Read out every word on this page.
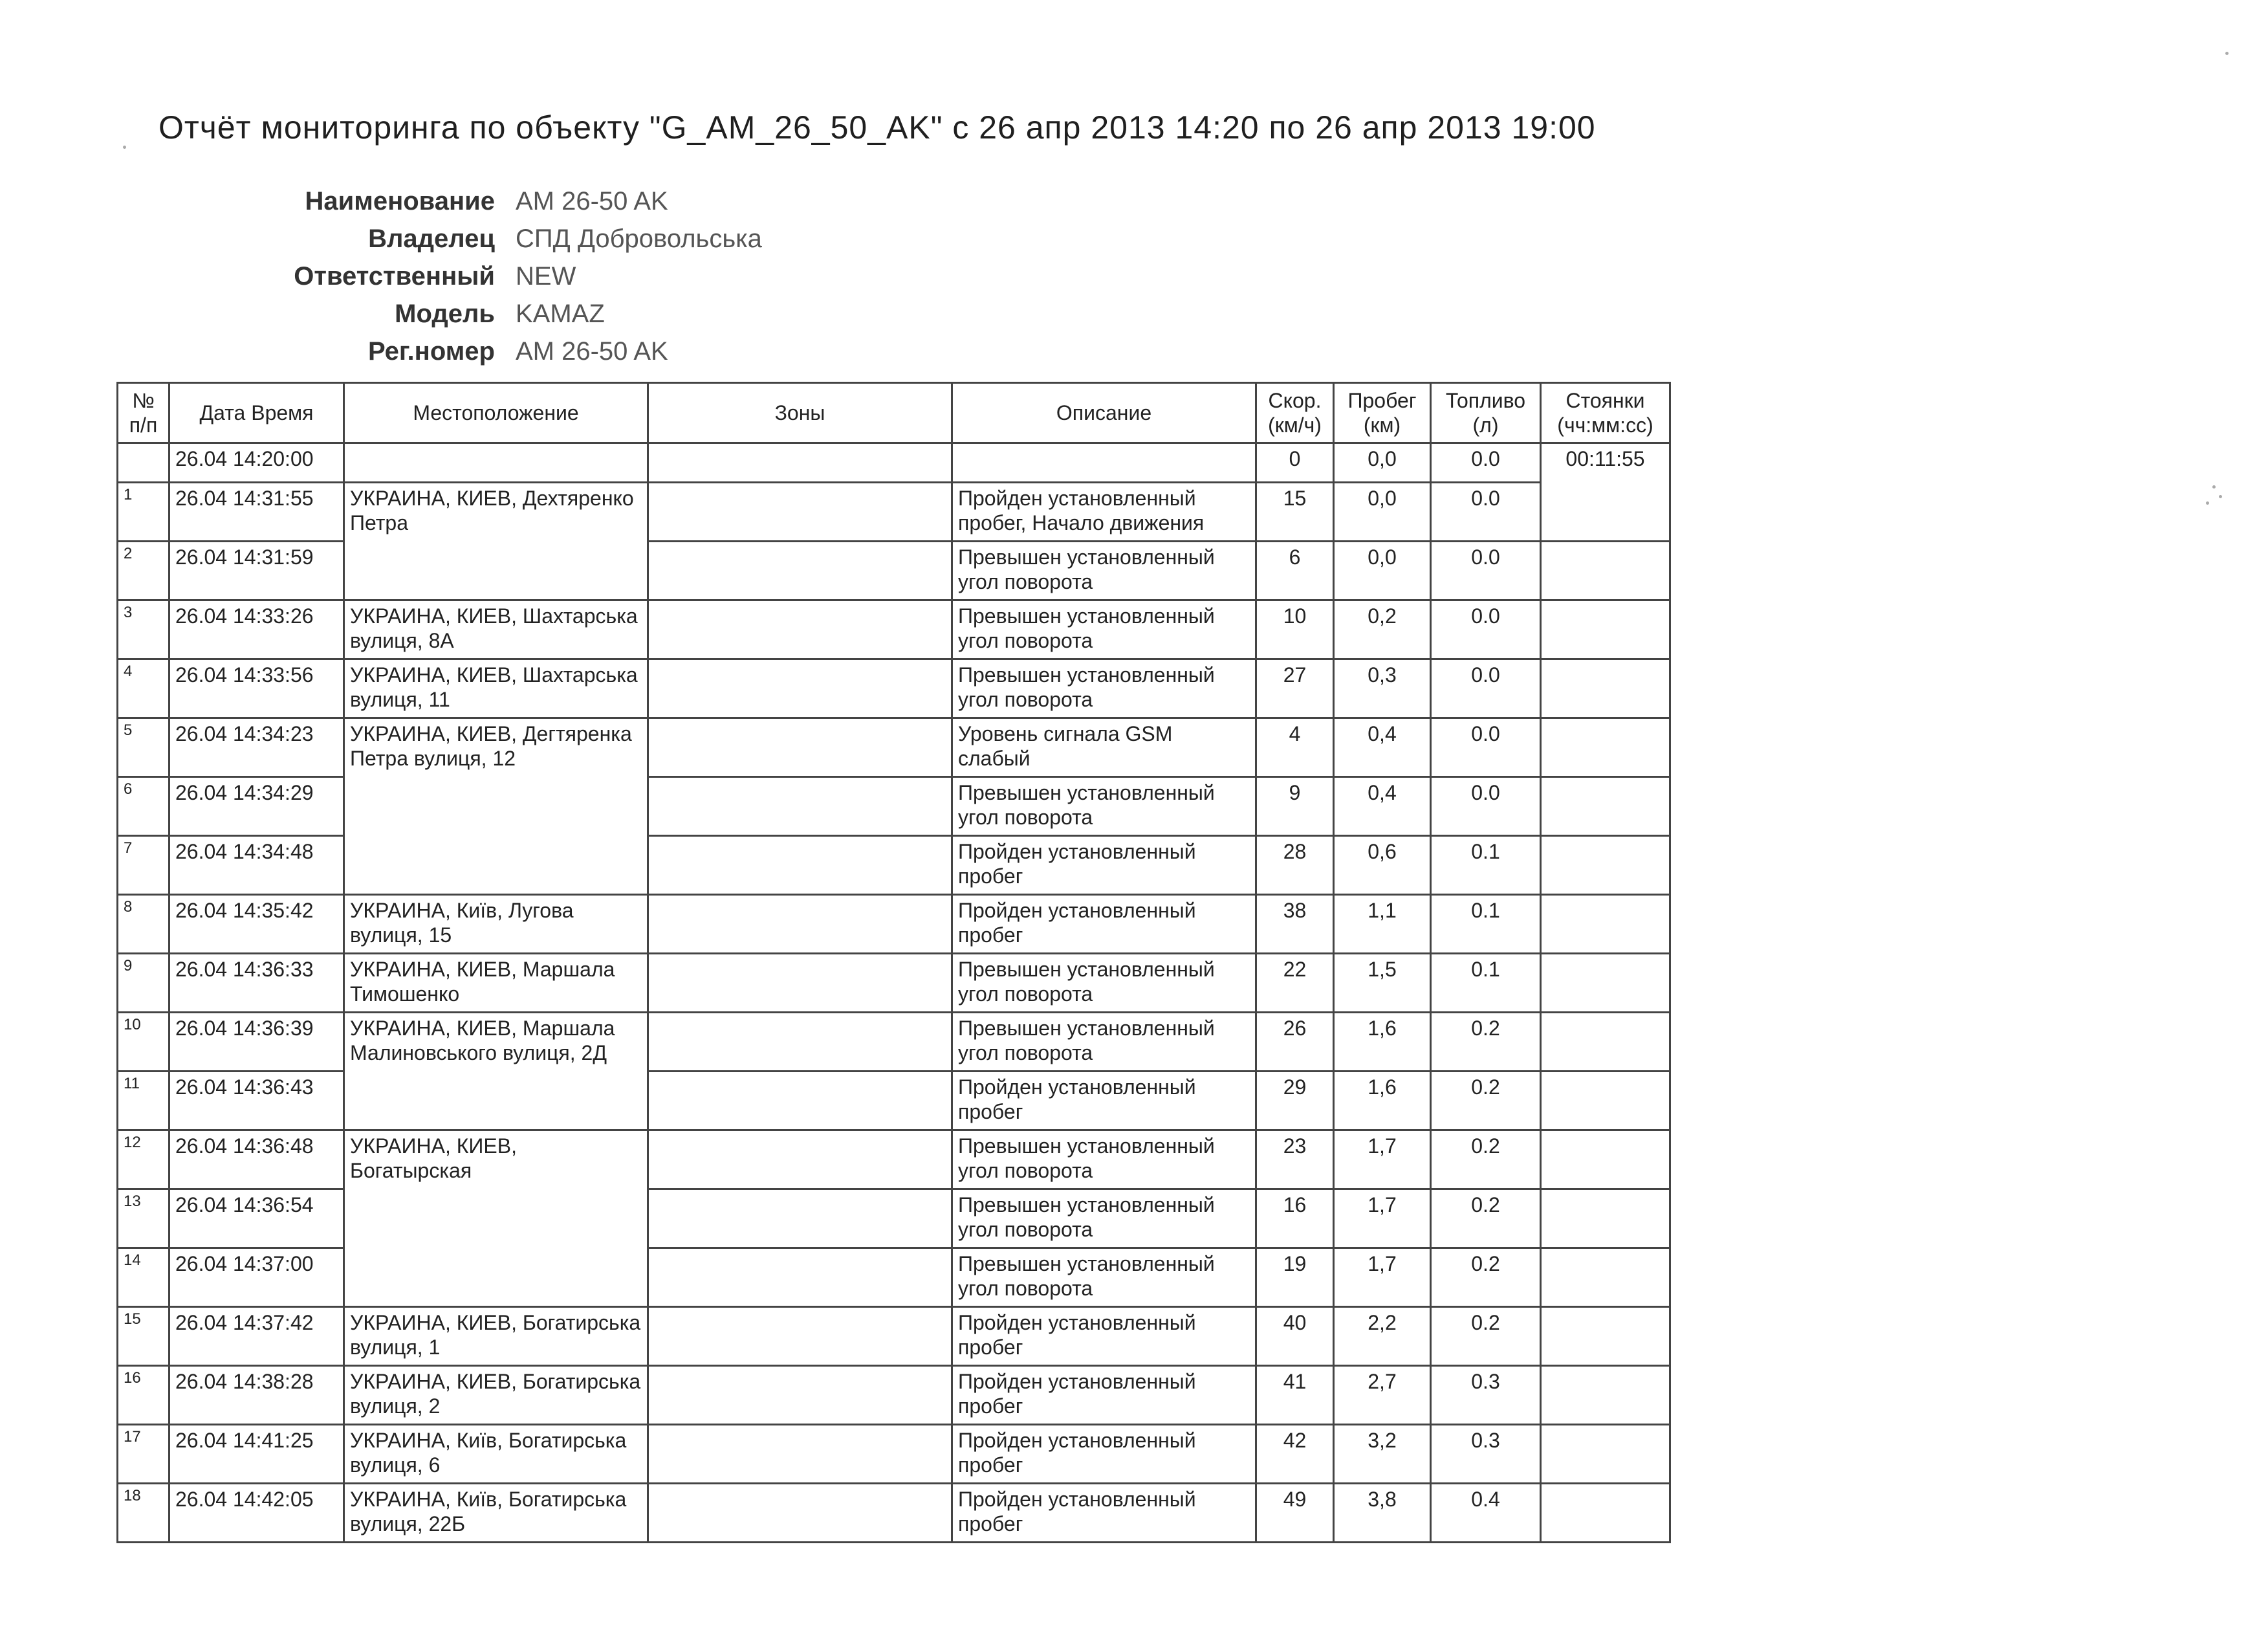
Отчёт мониторинга по объекту "G_AM_26_50_AK" с 26 апр 2013 14:20 по 26 апр 2013 19:00
Наименование AM 26-50 AK
Владелец СПД Добровольська
Ответственный NEW
Модель KAMAZ
Рег.номер AM 26-50 AK
№ п/п	Дата Время	Местоположение	Зоны	Описание	Скор. (км/ч)	Пробег (км)	Топливо (л)	Стоянки (чч:мм:сс)
	26.04 14:20:00				0	0,0	0.0	00:11:55
1	26.04 14:31:55	УКРАИНА, КИЕВ, Дехтяренко Петра		Пройден установленный пробег, Начало движения	15	0,0	0.0	
2	26.04 14:31:59			Превышен установленный угол поворота	6	0,0	0.0	
3	26.04 14:33:26	УКРАИНА, КИЕВ, Шахтарська вулиця, 8А		Превышен установленный угол поворота	10	0,2	0.0	
4	26.04 14:33:56	УКРАИНА, КИЕВ, Шахтарська вулиця, 11		Превышен установленный угол поворота	27	0,3	0.0	
5	26.04 14:34:23	УКРАИНА, КИЕВ, Дегтяренка Петра вулиця, 12		Уровень сигнала GSM слабый	4	0,4	0.0	
6	26.04 14:34:29			Превышен установленный угол поворота	9	0,4	0.0	
7	26.04 14:34:48			Пройден установленный пробег	28	0,6	0.1	
8	26.04 14:35:42	УКРАИНА, Київ, Лугова вулиця, 15		Пройден установленный пробег	38	1,1	0.1	
9	26.04 14:36:33	УКРАИНА, КИЕВ, Маршала Тимошенко		Превышен установленный угол поворота	22	1,5	0.1	
10	26.04 14:36:39	УКРАИНА, КИЕВ, Маршала Малиновського вулиця, 2Д		Превышен установленный угол поворота	26	1,6	0.2	
11	26.04 14:36:43			Пройден установленный пробег	29	1,6	0.2	
12	26.04 14:36:48	УКРАИНА, КИЕВ, Богатырская		Превышен установленный угол поворота	23	1,7	0.2	
13	26.04 14:36:54			Превышен установленный угол поворота	16	1,7	0.2	
14	26.04 14:37:00			Превышен установленный угол поворота	19	1,7	0.2	
15	26.04 14:37:42	УКРАИНА, КИЕВ, Богатирська вулиця, 1		Пройден установленный пробег	40	2,2	0.2	
16	26.04 14:38:28	УКРАИНА, КИЕВ, Богатирська вулиця, 2		Пройден установленный пробег	41	2,7	0.3	
17	26.04 14:41:25	УКРАИНА, Київ, Богатирська вулиця, 6		Пройден установленный пробег	42	3,2	0.3	
18	26.04 14:42:05	УКРАИНА, Київ, Богатирська вулиця, 22Б		Пройден установленный пробег	49	3,8	0.4	
